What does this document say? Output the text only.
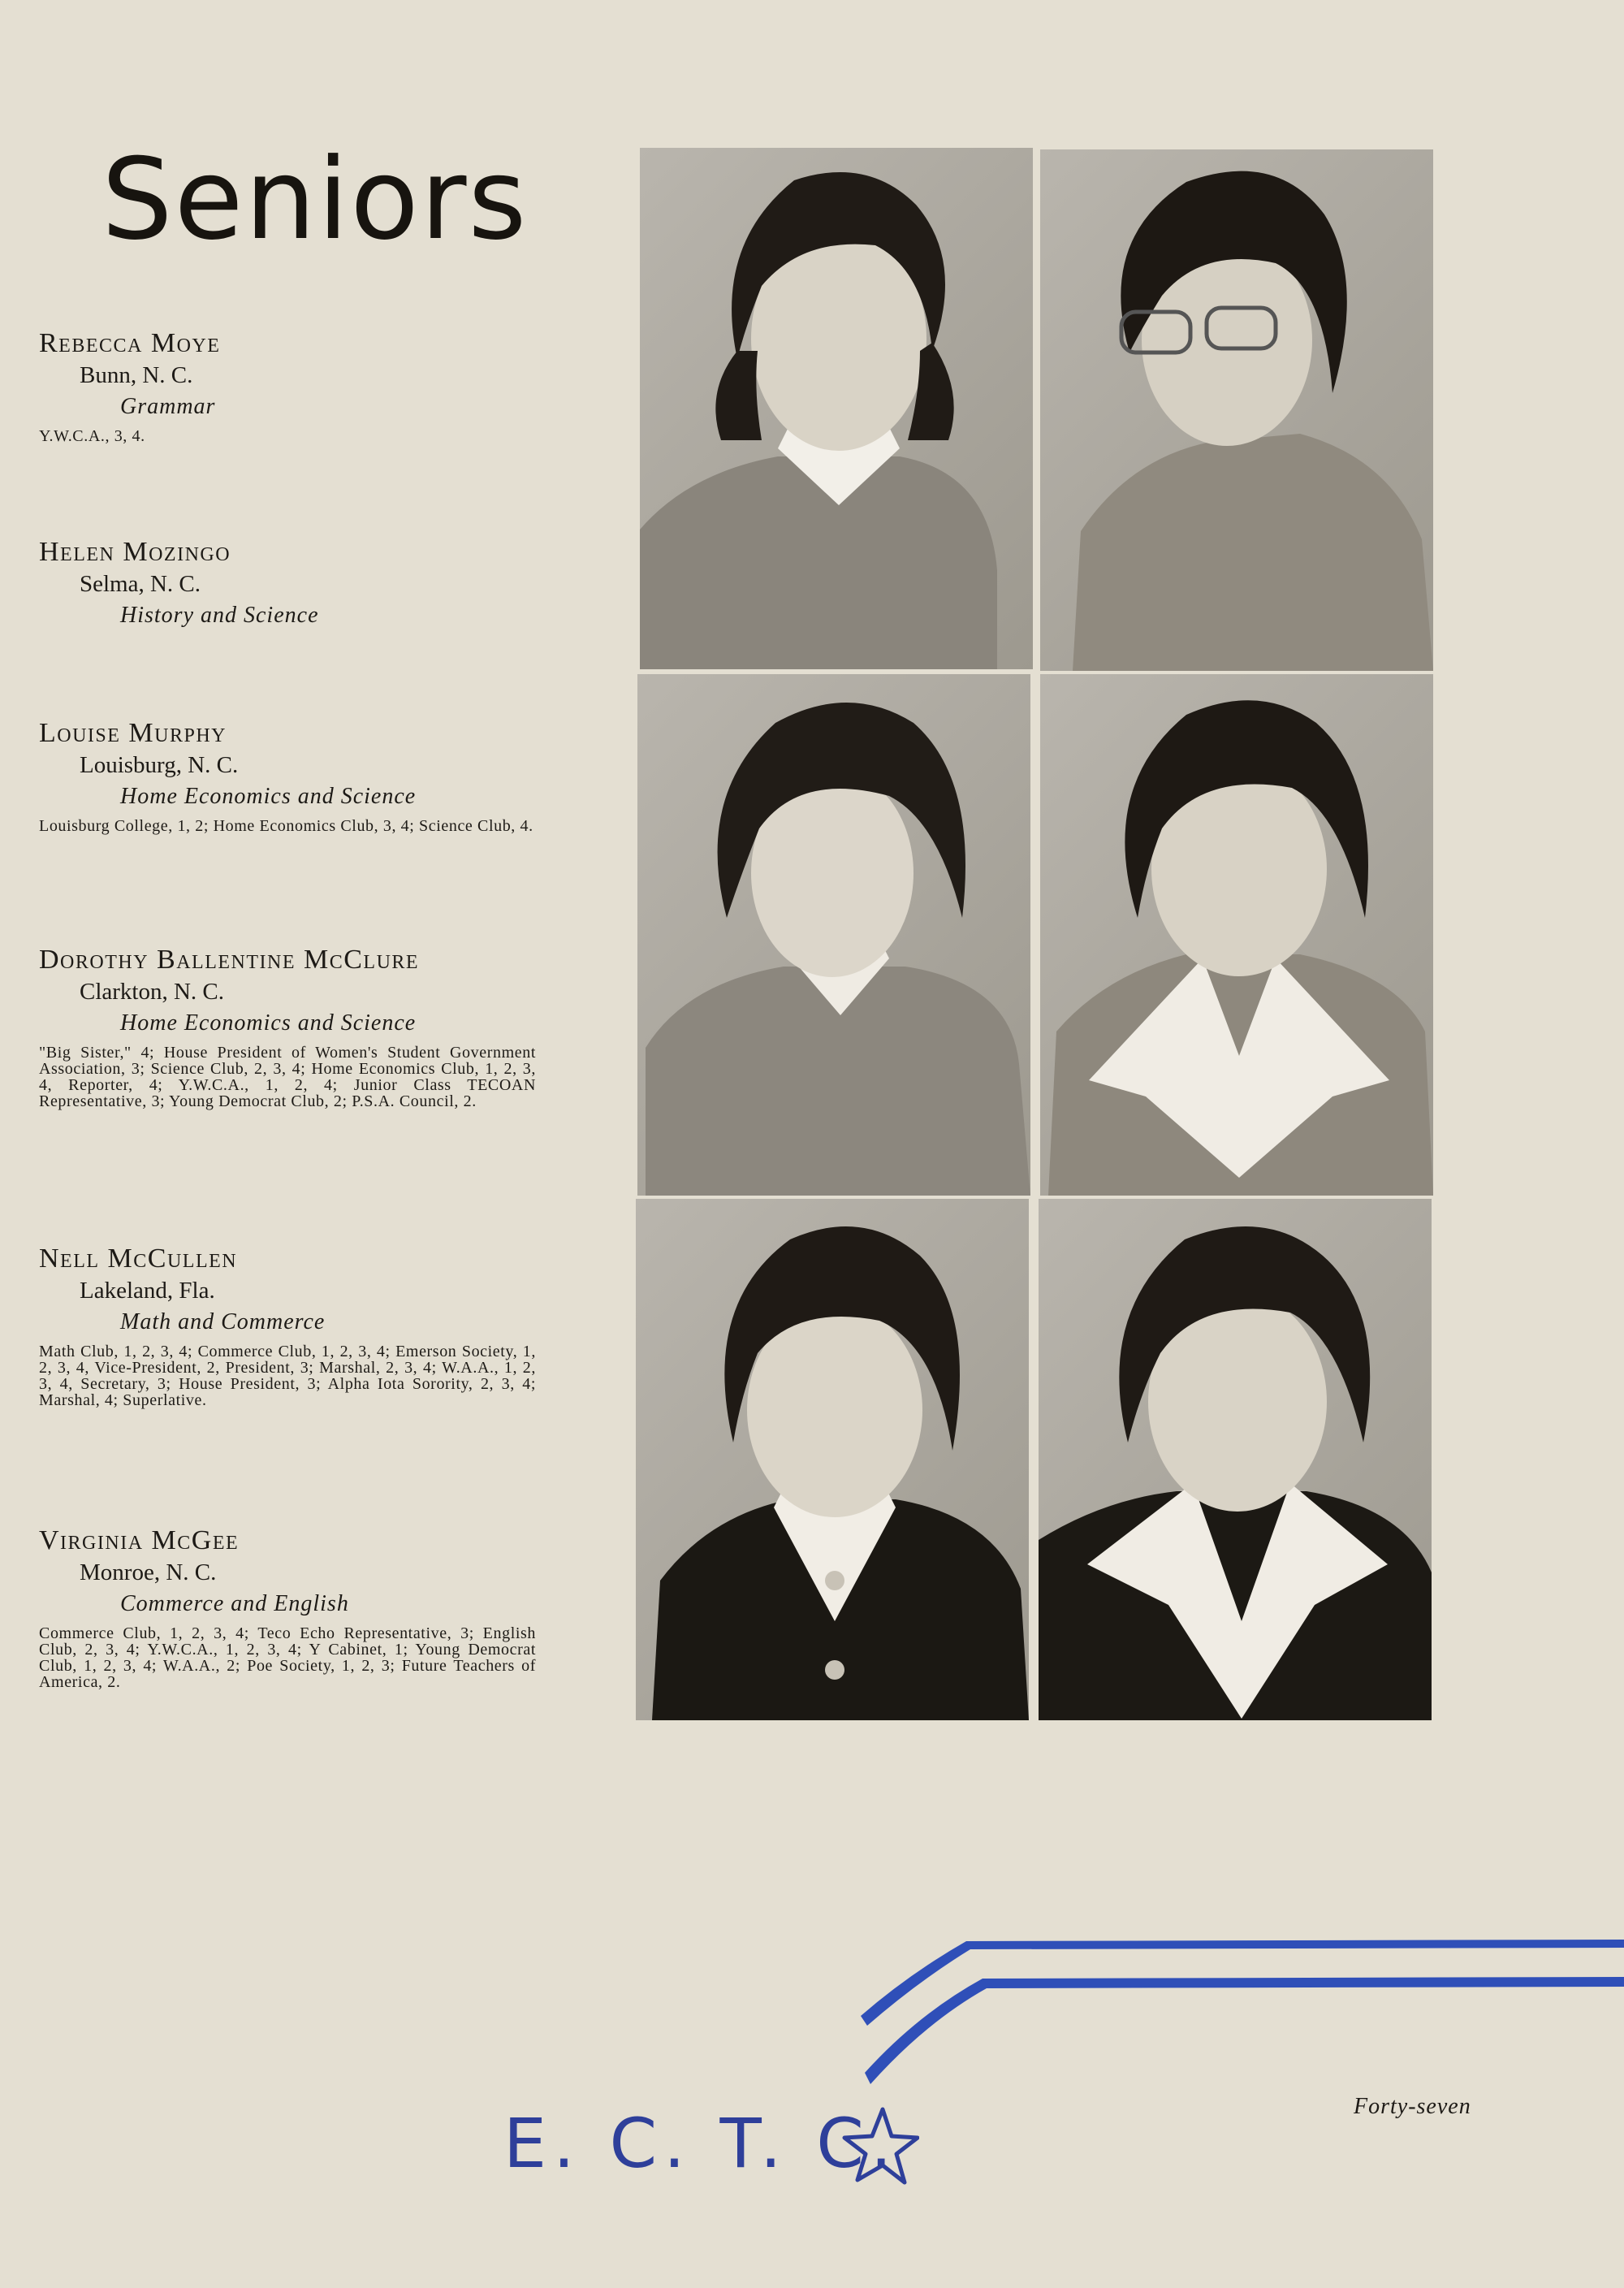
Seniors
Rebecca Moye
Bunn, N. C.
Grammar
Y.W.C.A., 3, 4.
Helen Mozingo
Selma, N. C.
History and Science
Louise Murphy
Louisburg, N. C.
Home Economics and Science
Louisburg College, 1, 2; Home Economics Club, 3, 4; Science Club, 4.
Dorothy Ballentine McClure
Clarkton, N. C.
Home Economics and Science
"Big Sister," 4; House President of Women's Student Government Association, 3; Science Club, 2, 3, 4; Home Economics Club, 1, 2, 3, 4, Reporter, 4; Y.W.C.A., 1, 2, 4; Junior Class TECOAN Representative, 3; Young Democrat Club, 2; P.S.A. Council, 2.
Nell McCullen
Lakeland, Fla.
Math and Commerce
Math Club, 1, 2, 3, 4; Commerce Club, 1, 2, 3, 4; Emerson Society, 1, 2, 3, 4, Vice-President, 2, President, 3; Marshal, 2, 3, 4; W.A.A., 1, 2, 3, 4, Secretary, 3; House President, 3; Alpha Iota Sorority, 2, 3, 4; Marshal, 4; Superlative.
Virginia McGee
Monroe, N. C.
Commerce and English
Commerce Club, 1, 2, 3, 4; Teco Echo Representative, 3; English Club, 2, 3, 4; Y.W.C.A., 1, 2, 3, 4; Y Cabinet, 1; Young Democrat Club, 1, 2, 3, 4; W.A.A., 2; Poe Society, 1, 2, 3; Future Teachers of America, 2.
E. C. T. C.	Forty-seven
